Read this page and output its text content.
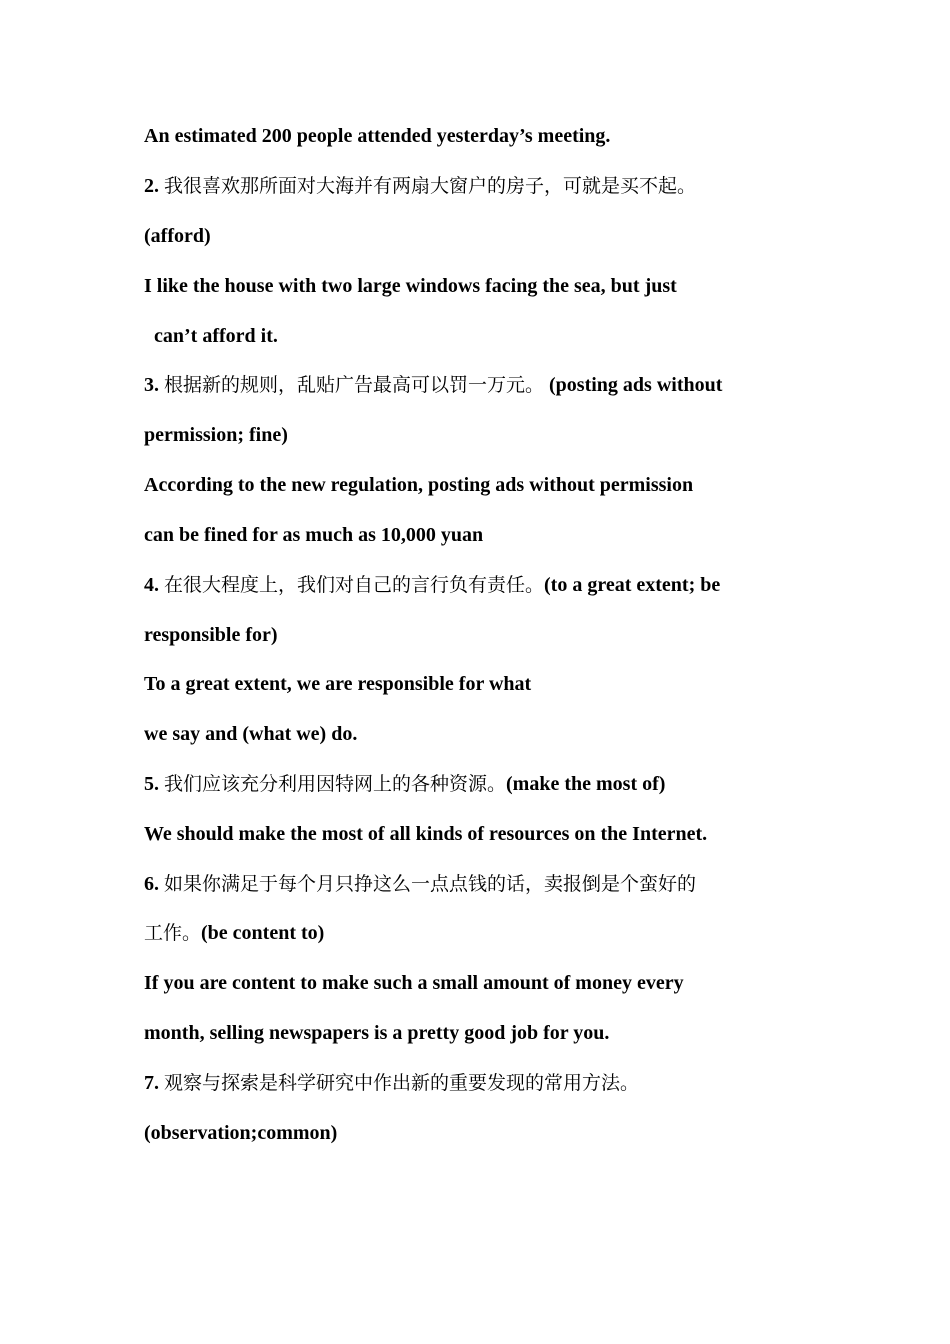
An estimated 200 people attended yesterday’s meeting.
2. 我很喜欢那所面对大海并有两扇大窗户的房子，可就是买不起。
(afford)
I like the house with two large windows facing the sea, but just
can’t afford it.
3. 根据新的规则，乱贴广告最高可以罚一万元。 (posting ads without
permission; fine)
According to the new regulation, posting ads without permission
can be fined for as much as 10,000 yuan
4. 在很大程度上，我们对自己的言行负有责任。(to a great extent; be
responsible for)
To a great extent, we are responsible for what
we say and (what we) do.
5. 我们应该充分利用因特网上的各种资源。(make the most of)
We should make the most of all kinds of resources on the Internet.
6. 如果你满足于每个月只挣这么一点点钱的话，卖报倒是个蛮好的
工作。(be content to)
If you are content to make such a small amount of money every
month, selling newspapers is a pretty good job for you.
7. 观察与探索是科学研究中作出新的重要发现的常用方法。
(observation;common)
